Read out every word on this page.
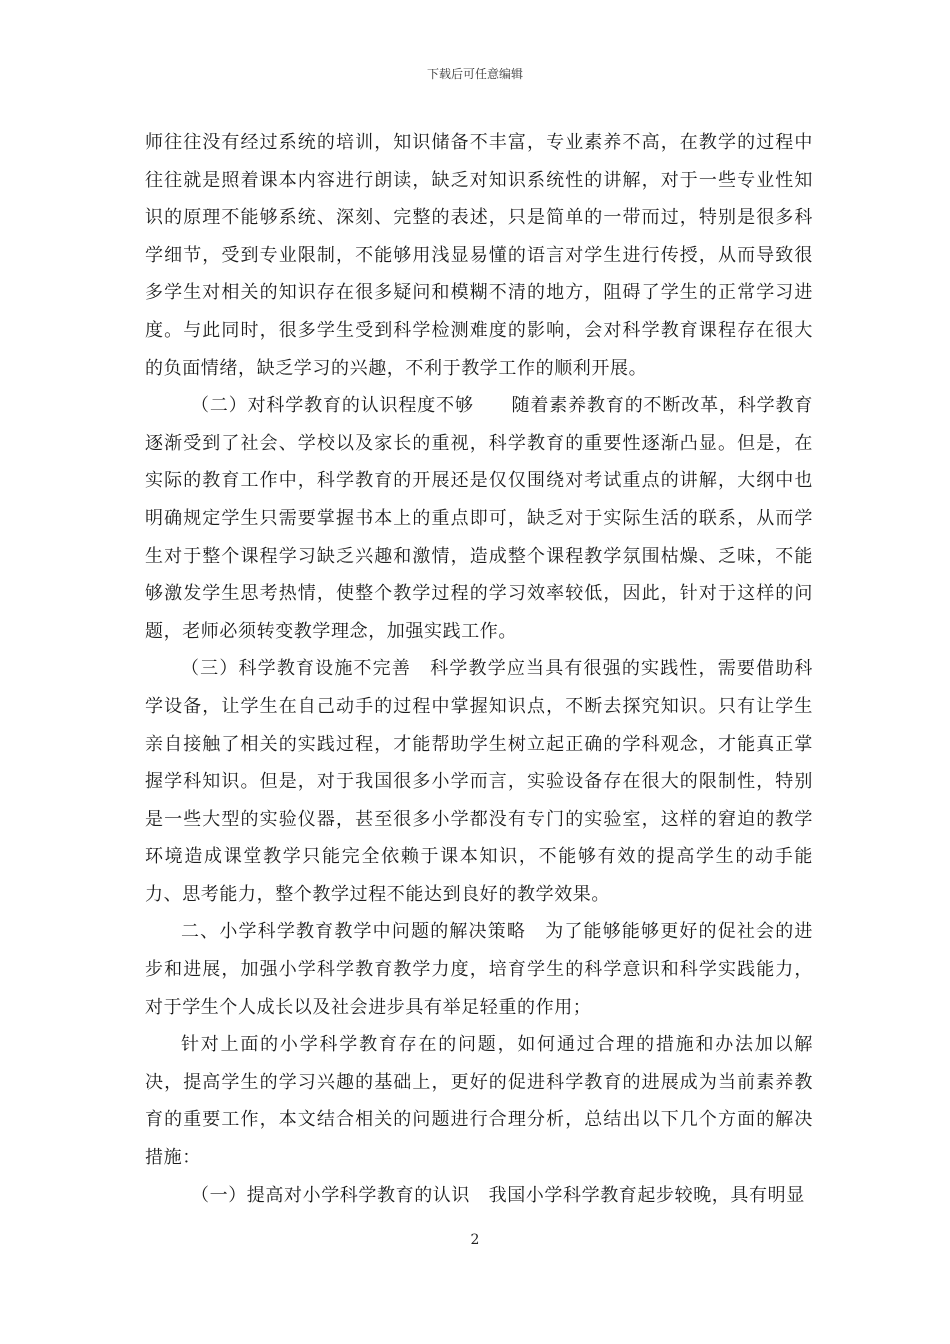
下载后可任意编辑

师往往没有经过系统的培训，知识储备不丰富，专业素养不高，在教学的过程中往往就是照着课本内容进行朗读，缺乏对知识系统性的讲解，对于一些专业性知识的原理不能够系统、深刻、完整的表述，只是简单的一带而过，特别是很多科学细节，受到专业限制，不能够用浅显易懂的语言对学生进行传授，从而导致很多学生对相关的知识存在很多疑问和模糊不清的地方，阻碍了学生的正常学习进度。与此同时，很多学生受到科学检测难度的影响，会对科学教育课程存在很大的负面情绪，缺乏学习的兴趣，不利于教学工作的顺利开展。

（二）对科学教育的认识程度不够　　随着素养教育的不断改革，科学教育逐渐受到了社会、学校以及家长的重视，科学教育的重要性逐渐凸显。但是，在实际的教育工作中，科学教育的开展还是仅仅围绕对考试重点的讲解，大纲中也明确规定学生只需要掌握书本上的重点即可，缺乏对于实际生活的联系，从而学生对于整个课程学习缺乏兴趣和激情，造成整个课程教学氛围枯燥、乏味，不能够激发学生思考热情，使整个教学过程的学习效率较低，因此，针对于这样的问题，老师必须转变教学理念，加强实践工作。

（三）科学教育设施不完善　科学教学应当具有很强的实践性，需要借助科学设备，让学生在自己动手的过程中掌握知识点，不断去探究知识。只有让学生亲自接触了相关的实践过程，才能帮助学生树立起正确的学科观念，才能真正掌握学科知识。但是，对于我国很多小学而言，实验设备存在很大的限制性，特别是一些大型的实验仪器，甚至很多小学都没有专门的实验室，这样的窘迫的教学环境造成课堂教学只能完全依赖于课本知识，不能够有效的提高学生的动手能力、思考能力，整个教学过程不能达到良好的教学效果。

二、小学科学教育教学中问题的解决策略　为了能够能够更好的促社会的进步和进展，加强小学科学教育教学力度，培育学生的科学意识和科学实践能力，对于学生个人成长以及社会进步具有举足轻重的作用；

针对上面的小学科学教育存在的问题，如何通过合理的措施和办法加以解决，提高学生的学习兴趣的基础上，更好的促进科学教育的进展成为当前素养教育的重要工作，本文结合相关的问题进行合理分析，总结出以下几个方面的解决措施：

（一）提高对小学科学教育的认识　我国小学科学教育起步较晚，具有明显

2
